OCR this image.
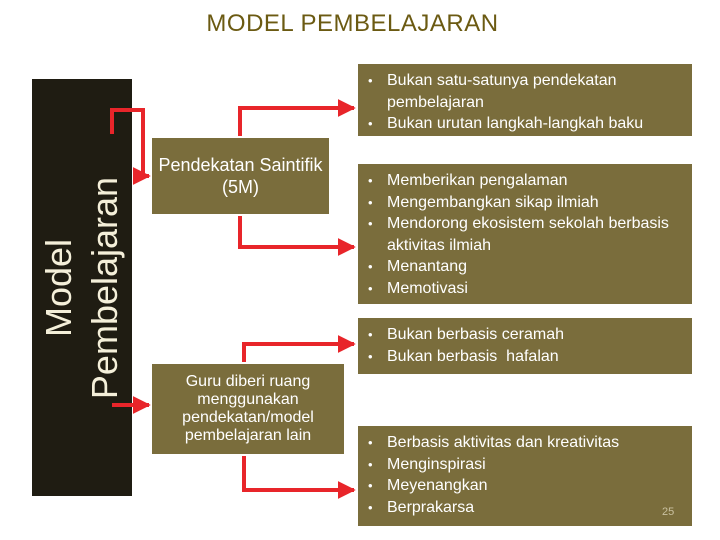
MODEL PEMBELAJARAN
Model Pembelajaran
Pendekatan Saintifik (5M)
Guru diberi ruang menggunakan pendekatan/model pembelajaran lain
• Bukan satu-satunya pendekatan pembelajaran
• Bukan urutan langkah-langkah baku
• Memberikan pengalaman
• Mengembangkan sikap ilmiah
• Mendorong ekosistem sekolah berbasis aktivitas ilmiah
• Menantang
• Memotivasi
• Bukan berbasis ceramah
• Bukan berbasis  hafalan
• Berbasis aktivitas dan kreativitas
• Menginspirasi
• Meyenangkan
• Berprakarsa	25
